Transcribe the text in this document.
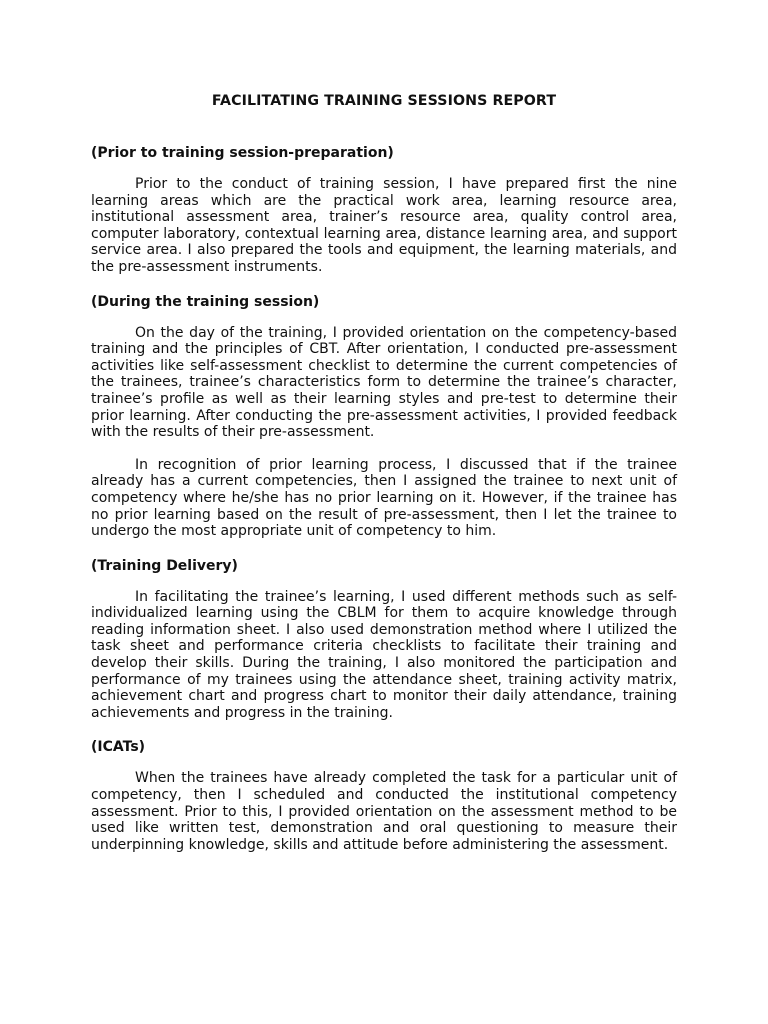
FACILITATING TRAINING SESSIONS REPORT
(Prior to training session-preparation)

Prior to the conduct of training session, I have prepared first the nine learning areas which are the practical work area, learning resource area, institutional assessment area, trainer’s resource area, quality control area, computer laboratory, contextual learning area, distance learning area, and support service area. I also prepared the tools and equipment, the learning materials, and the pre-assessment instruments.

(During the training session)

On the day of the training, I provided orientation on the competency-based training and the principles of CBT. After orientation, I conducted pre-assessment activities like self-assessment checklist to determine the current competencies of the trainees, trainee’s characteristics form to determine the trainee’s character, trainee’s profile as well as their learning styles and pre-test to determine their prior learning. After conducting the pre-assessment activities, I provided feedback with the results of their pre-assessment.

In recognition of prior learning process, I discussed that if the trainee already has a current competencies, then I assigned the trainee to next unit of competency where he/she has no prior learning on it. However, if the trainee has no prior learning based on the result of pre-assessment, then I let the trainee to undergo the most appropriate unit of competency to him.

(Training Delivery)

In facilitating the trainee’s learning, I used different methods such as self-individualized learning using the CBLM for them to acquire knowledge through reading information sheet. I also used demonstration method where I utilized the task sheet and performance criteria checklists to facilitate their training and develop their skills. During the training, I also monitored the participation and performance of my trainees using the attendance sheet, training activity matrix, achievement chart and progress chart to monitor their daily attendance, training achievements and progress in the training.

(ICATs)

When the trainees have already completed the task for a particular unit of competency, then I scheduled and conducted the institutional competency assessment. Prior to this, I provided orientation on the assessment method to be used like written test, demonstration and oral questioning to measure their underpinning knowledge, skills and attitude before administering the assessment.
